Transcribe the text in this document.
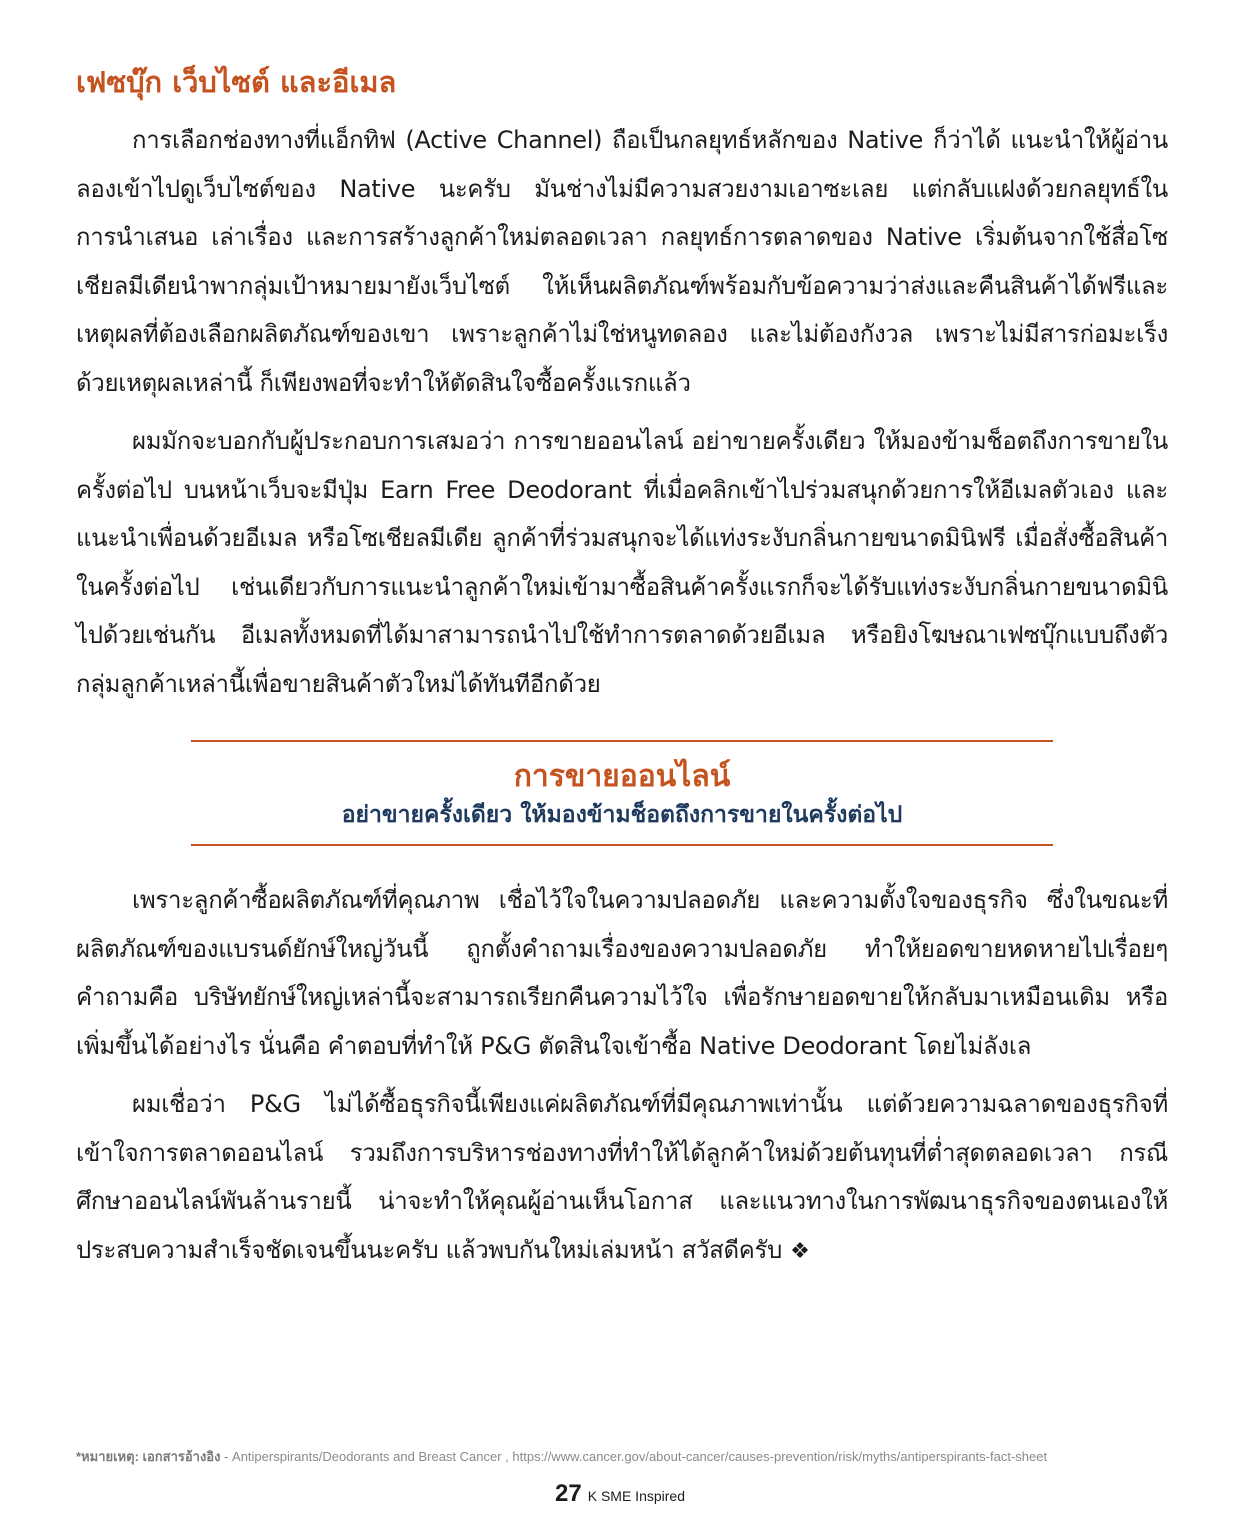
เฟซบุ๊ก เว็บไซต์ และอีเมล

การเลือกช่องทางที่แอ็กทิฟ (Active Channel) ถือเป็นกลยุทธ์หลักของ Native ก็ว่าได้ แนะนำให้ผู้อ่านลองเข้าไปดูเว็บไซต์ของ Native นะครับ มันช่างไม่มีความสวยงามเอาซะเลย แต่กลับแฝงด้วยกลยุทธ์ในการนำเสนอ เล่าเรื่อง และการสร้างลูกค้าใหม่ตลอดเวลา กลยุทธ์การตลาดของ Native เริ่มต้นจากใช้สื่อโซเชียลมีเดียนำพากลุ่มเป้าหมายมายังเว็บไซต์ ให้เห็นผลิตภัณฑ์พร้อมกับข้อความว่าส่งและคืนสินค้าได้ฟรีและเหตุผลที่ต้องเลือกผลิตภัณฑ์ของเขา เพราะลูกค้าไม่ใช่หนูทดลอง และไม่ต้องกังวล เพราะไม่มีสารก่อมะเร็ง ด้วยเหตุผลเหล่านี้ ก็เพียงพอที่จะทำให้ตัดสินใจซื้อครั้งแรกแล้ว

ผมมักจะบอกกับผู้ประกอบการเสมอว่า การขายออนไลน์ อย่าขายครั้งเดียว ให้มองข้ามช็อตถึงการขายในครั้งต่อไป บนหน้าเว็บจะมีปุ่ม Earn Free Deodorant ที่เมื่อคลิกเข้าไปร่วมสนุกด้วยการให้อีเมลตัวเอง และแนะนำเพื่อนด้วยอีเมล หรือโซเชียลมีเดีย ลูกค้าที่ร่วมสนุกจะได้แท่งระงับกลิ่นกายขนาดมินิฟรี เมื่อสั่งซื้อสินค้าในครั้งต่อไป เช่นเดียวกับการแนะนำลูกค้าใหม่เข้ามาซื้อสินค้าครั้งแรกก็จะได้รับแท่งระงับกลิ่นกายขนาดมินิไปด้วยเช่นกัน อีเมลทั้งหมดที่ได้มาสามารถนำไปใช้ทำการตลาดด้วยอีเมล หรือยิงโฆษณาเฟซบุ๊กแบบถึงตัวกลุ่มลูกค้าเหล่านี้เพื่อขายสินค้าตัวใหม่ได้ทันทีอีกด้วย

การขายออนไลน์
อย่าขายครั้งเดียว ให้มองข้ามช็อตถึงการขายในครั้งต่อไป

เพราะลูกค้าซื้อผลิตภัณฑ์ที่คุณภาพ เชื่อไว้ใจในความปลอดภัย และความตั้งใจของธุรกิจ ซึ่งในขณะที่ผลิตภัณฑ์ของแบรนด์ยักษ์ใหญ่วันนี้ ถูกตั้งคำถามเรื่องของความปลอดภัย ทำให้ยอดขายหดหายไปเรื่อยๆ คำถามคือ บริษัทยักษ์ใหญ่เหล่านี้จะสามารถเรียกคืนความไว้ใจ เพื่อรักษายอดขายให้กลับมาเหมือนเดิม หรือเพิ่มขึ้นได้อย่างไร นั่นคือ คำตอบที่ทำให้ P&G ตัดสินใจเข้าซื้อ Native Deodorant โดยไม่ลังเล

ผมเชื่อว่า P&G ไม่ได้ซื้อธุรกิจนี้เพียงแค่ผลิตภัณฑ์ที่มีคุณภาพเท่านั้น แต่ด้วยความฉลาดของธุรกิจที่เข้าใจการตลาดออนไลน์ รวมถึงการบริหารช่องทางที่ทำให้ได้ลูกค้าใหม่ด้วยต้นทุนที่ต่ำสุดตลอดเวลา กรณีศึกษาออนไลน์พันล้านรายนี้ น่าจะทำให้คุณผู้อ่านเห็นโอกาส และแนวทางในการพัฒนาธุรกิจของตนเองให้ประสบความสำเร็จชัดเจนขึ้นนะครับ แล้วพบกันใหม่เล่มหน้า สวัสดีครับ ❖

*หมายเหตุ: เอกสารอ้างอิง - Antiperspirants/Deodorants and Breast Cancer , https://www.cancer.gov/about-cancer/causes-prevention/risk/myths/antiperspirants-fact-sheet
27 K SME Inspired
